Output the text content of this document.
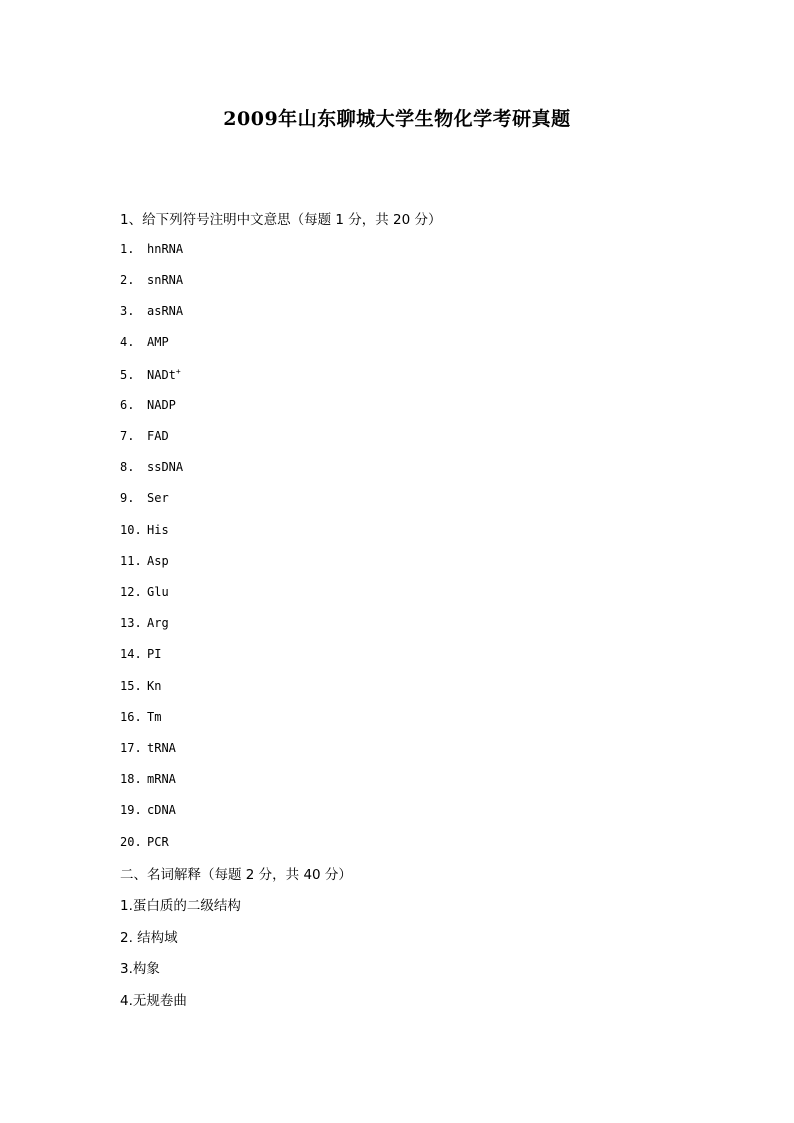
2009年山东聊城大学生物化学考研真题
1、给下列符号注明中文意思（每题 1 分，共 20 分）
1. hnRNA
2. snRNA
3. asRNA
4. AMP
5. NADt+
6. NADP
7. FAD
8. ssDNA
9. Ser
10. His
11. Asp
12. Glu
13. Arg
14. PI
15. Kn
16. Tm
17. tRNA
18. mRNA
19. cDNA
20. PCR
二、名词解释（每题 2 分，共 40 分）
1.蛋白质的二级结构
2. 结构域
3.构象
4.无规卷曲
